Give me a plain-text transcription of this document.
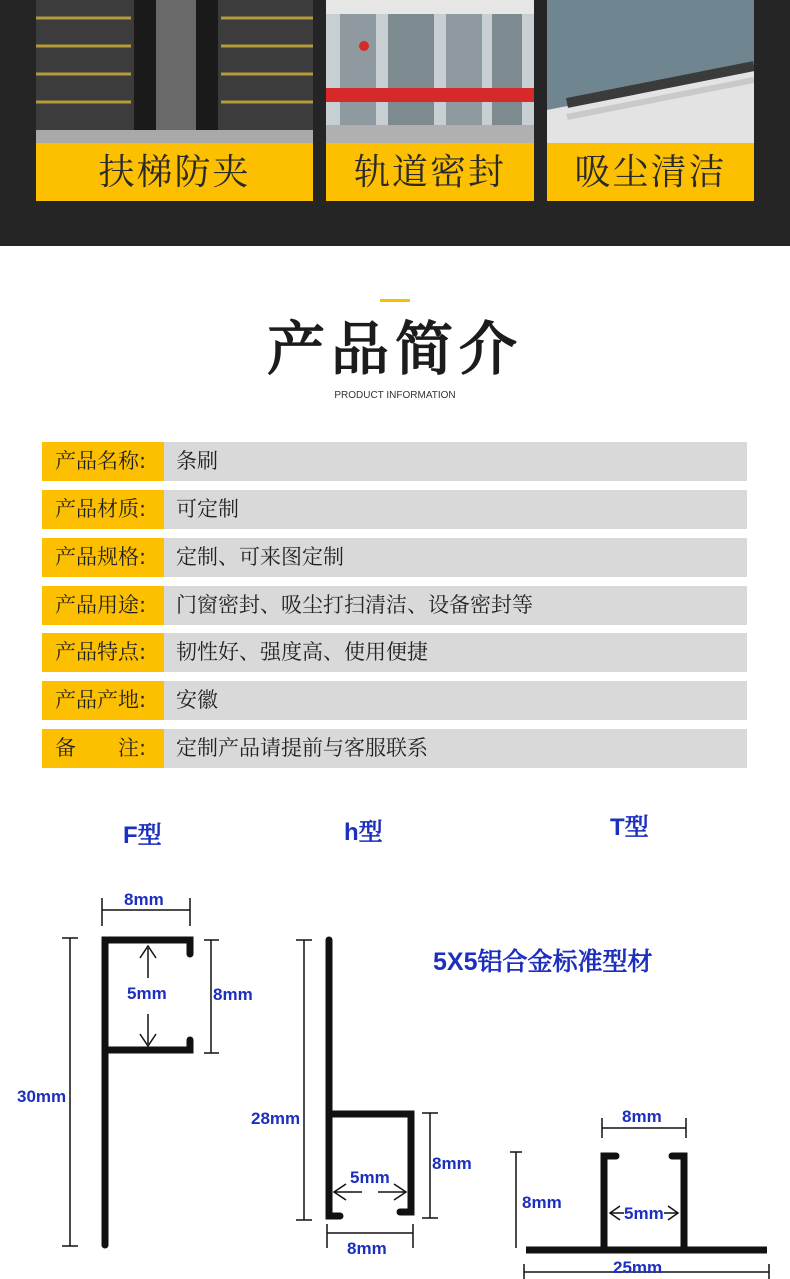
扶梯防夹	轨道密封	吸尘清洁
产品简介
PRODUCT INFORMATION
产品名称:	条刷
产品材质:	可定制
产品规格:	定制、可来图定制
产品用途:	门窗密封、吸尘打扫清洁、设备密封等
产品特点:	韧性好、强度高、使用便捷
产品产地:	安徽
备　　注:	定制产品请提前与客服联系
F型	h型	T型
8mm
5mm	8mm
30mm
28mm
5mm
8mm
8mm
5X5铝合金标准型材
8mm
8mm
5mm
25mm
